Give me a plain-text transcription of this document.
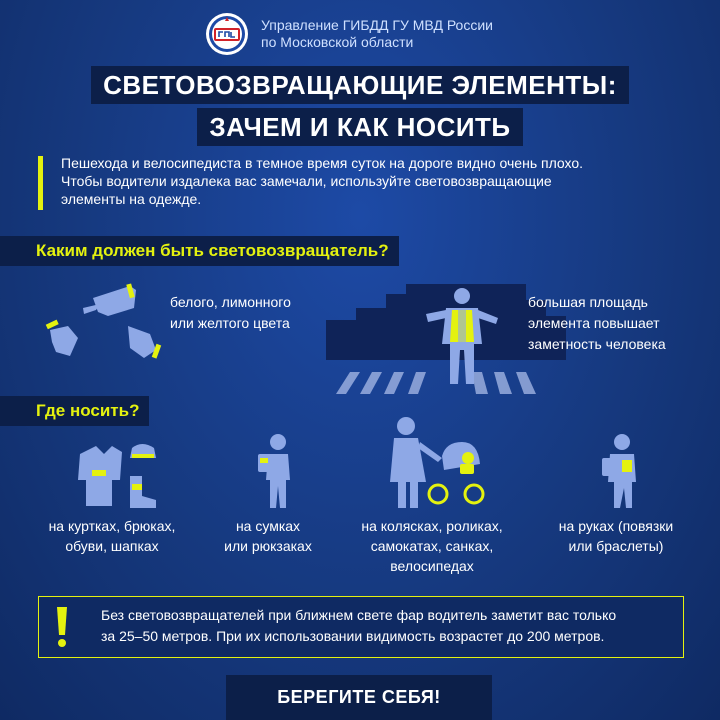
Управление ГИБДД ГУ МВД России
по Московской области
СВЕТОВОЗВРАЩАЮЩИЕ ЭЛЕМЕНТЫ:
ЗАЧЕМ И КАК НОСИТЬ
Пешехода и велосипедиста в темное время суток на дороге видно очень плохо.
Чтобы водители издалека вас замечали, используйте световозвращающие
элементы на одежде.
Каким должен быть световозвращатель?
белого, лимонного
или желтого цвета
большая площадь
элемента повышает
заметность человека
Где носить?
на куртках, брюках,
обуви, шапках
на сумках
или рюкзаках
на колясках, роликах,
самокатах, санках,
велосипедах
на руках (повязки
или браслеты)
Без световозвращателей при ближнем свете фар водитель заметит вас только
за 25–50 метров. При их использовании видимость возрастет до 200 метров.
БЕРЕГИТЕ СЕБЯ!
